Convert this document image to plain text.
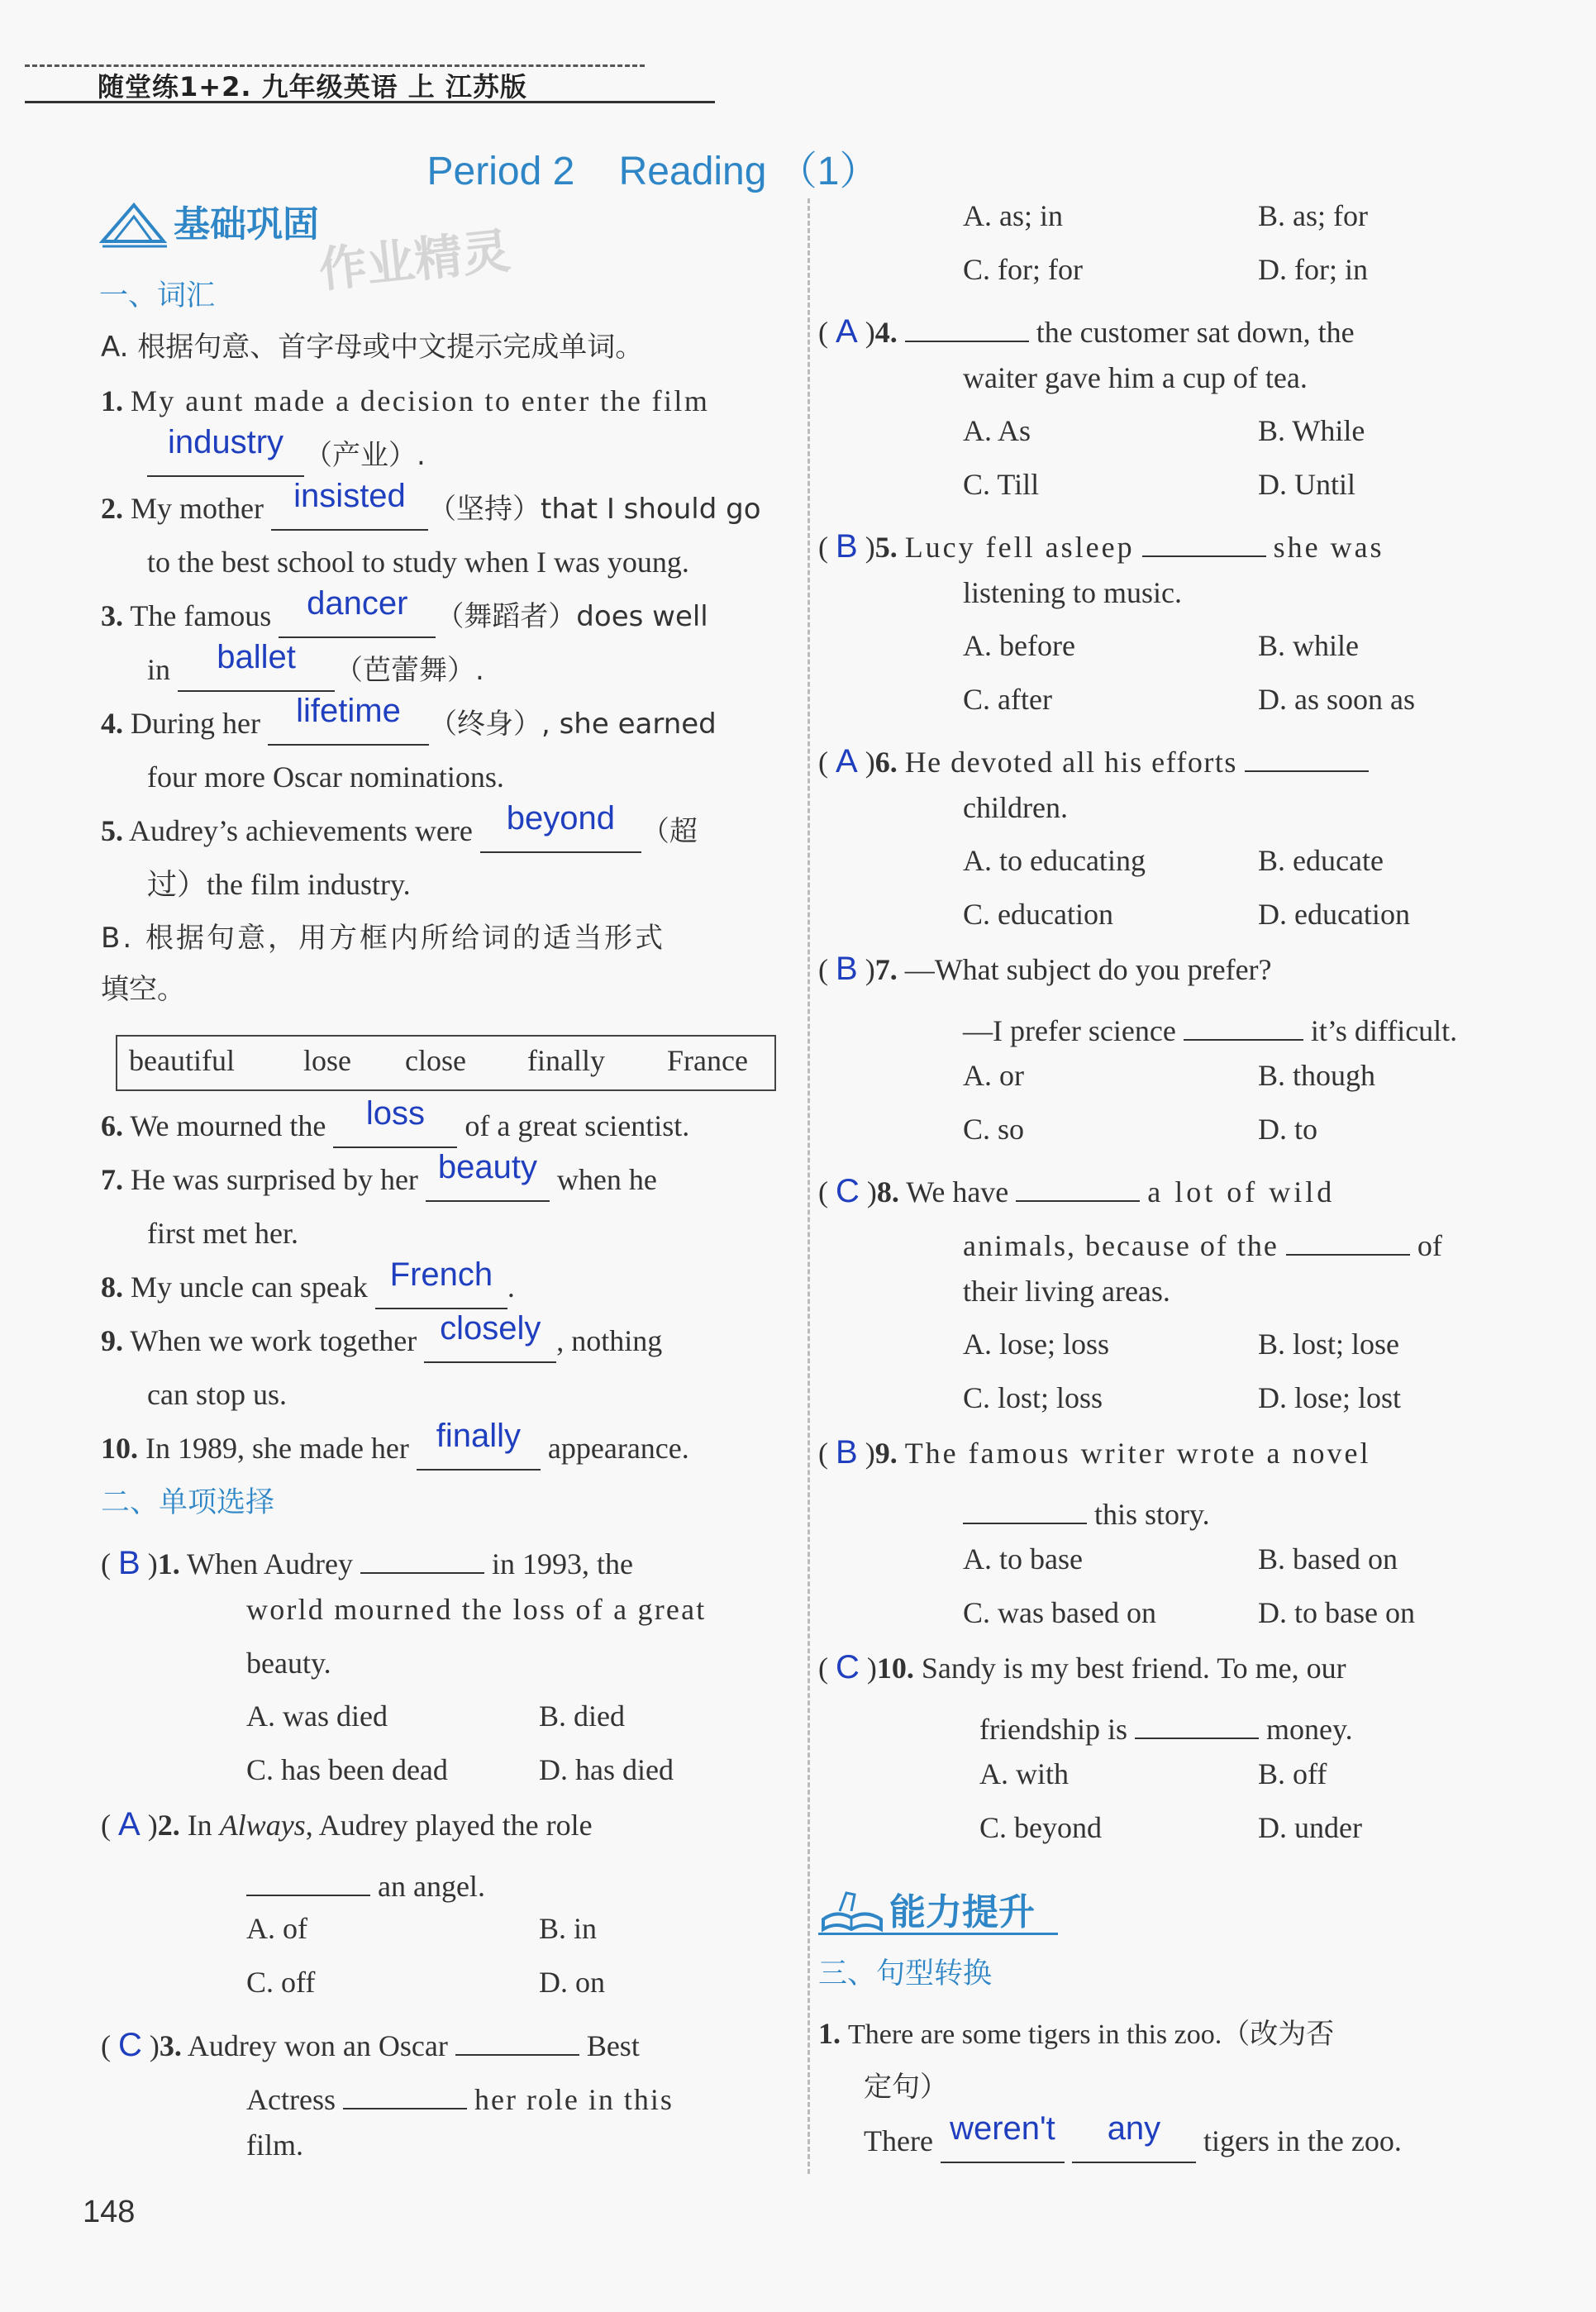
随堂练1+2. 九年级英语 上 江苏版
Period 2 Reading （1）
基础巩固
作业精灵
一、词汇
A. 根据句意、首字母或中文提示完成单词。
1. My aunt made a decision to enter the film
industry （产业）.
2. My mother insisted （坚持）that I should go
to the best school to study when I was young.
3. The famous dancer （舞蹈者）does well
in ballet （芭蕾舞）.
4. During her lifetime （终身）, she earned
four more Oscar nominations.
5. Audrey’s achievements were beyond （超
过）the film industry.
B. 根据句意，用方框内所给词的适当形式
填空。
beautiful lose close finally France
6. We mourned the loss of a great scientist.
7. He was surprised by her beauty when he
first met her.
8. My uncle can speak French .
9. When we work together closely , nothing
can stop us.
10. In 1989, she made her finally appearance.
二、单项选择
( B )1. When Audrey	in 1993, the
world mourned the loss of a great
beauty.
A. was died	B. died
C. has been dead	D. has died
( A )2. In Always, Audrey played the role
an angel.
A. of	B. in
C. off	D. on
( C )3. Audrey won an Oscar	Best
Actress	her role in this
film.
148
A. as; in	B. as; for
C. for; for	D. for; in
( A )4.	the customer sat down, the
waiter gave him a cup of tea.
A. As	B. While
C. Till	D. Until
( B )5. Lucy fell asleep	she was
listening to music.
A. before	B. while
C. after	D. as soon as
( A )6. He devoted all his efforts
children.
A. to educating	B. educate
C. education	D. education
( B )7. —What subject do you prefer?
—I prefer science	it’s difficult.
A. or	B. though
C. so	D. to
( C )8. We have	a lot of wild
animals, because of the	of
their living areas.
A. lose; loss	B. lost; lose
C. lost; loss	D. lose; lost
( B )9. The famous writer wrote a novel
this story.
A. to base	B. based on
C. was based on	D. to base on
( C )10. Sandy is my best friend. To me, our
friendship is	money.
A. with	B. off
C. beyond	D. under
能力提升
三、句型转换
1. There are some tigers in this zoo.（改为否
定句）
There weren't any tigers in the zoo.
